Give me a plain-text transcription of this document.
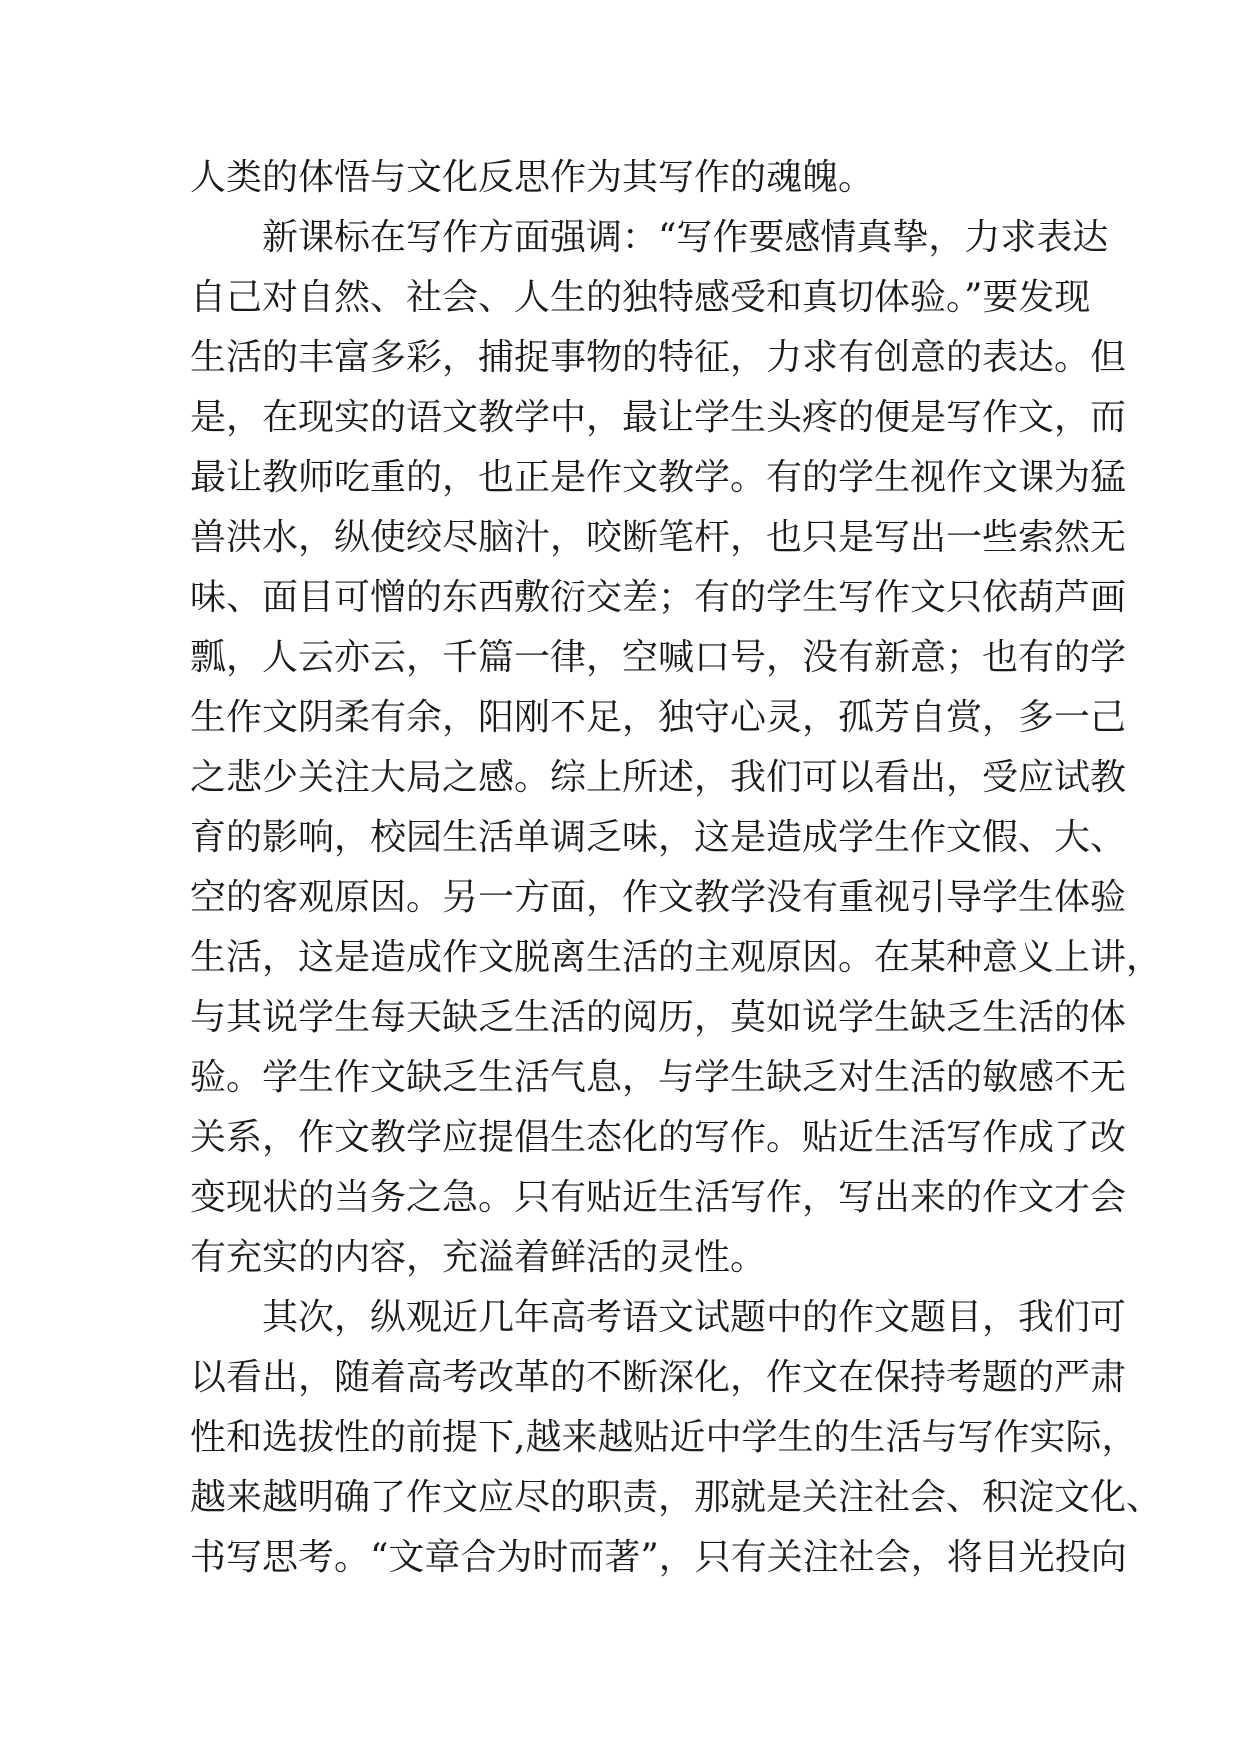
人类的体悟与文化反思作为其写作的魂魄。
　　新课标在写作方面强调：“写作要感情真挚，力求表达
自己对自然、社会、人生的独特感受和真切体验。”要发现
生活的丰富多彩，捕捉事物的特征，力求有创意的表达。但
是，在现实的语文教学中，最让学生头疼的便是写作文，而
最让教师吃重的，也正是作文教学。有的学生视作文课为猛
兽洪水，纵使绞尽脑汁，咬断笔杆，也只是写出一些索然无
味、面目可憎的东西敷衍交差；有的学生写作文只依葫芦画
瓢，人云亦云，千篇一律，空喊口号，没有新意；也有的学
生作文阴柔有余，阳刚不足，独守心灵，孤芳自赏，多一己
之悲少关注大局之感。综上所述，我们可以看出，受应试教
育的影响，校园生活单调乏味，这是造成学生作文假、大、
空的客观原因。另一方面，作文教学没有重视引导学生体验
生活，这是造成作文脱离生活的主观原因。在某种意义上讲，
与其说学生每天缺乏生活的阅历，莫如说学生缺乏生活的体
验。学生作文缺乏生活气息，与学生缺乏对生活的敏感不无
关系，作文教学应提倡生态化的写作。贴近生活写作成了改
变现状的当务之急。只有贴近生活写作，写出来的作文才会
有充实的内容，充溢着鲜活的灵性。
　　其次，纵观近几年高考语文试题中的作文题目，我们可
以看出，随着高考改革的不断深化，作文在保持考题的严肃
性和选拔性的前提下,越来越贴近中学生的生活与写作实际，
越来越明确了作文应尽的职责，那就是关注社会、积淀文化、
书写思考。“文章合为时而著”，只有关注社会，将目光投向
